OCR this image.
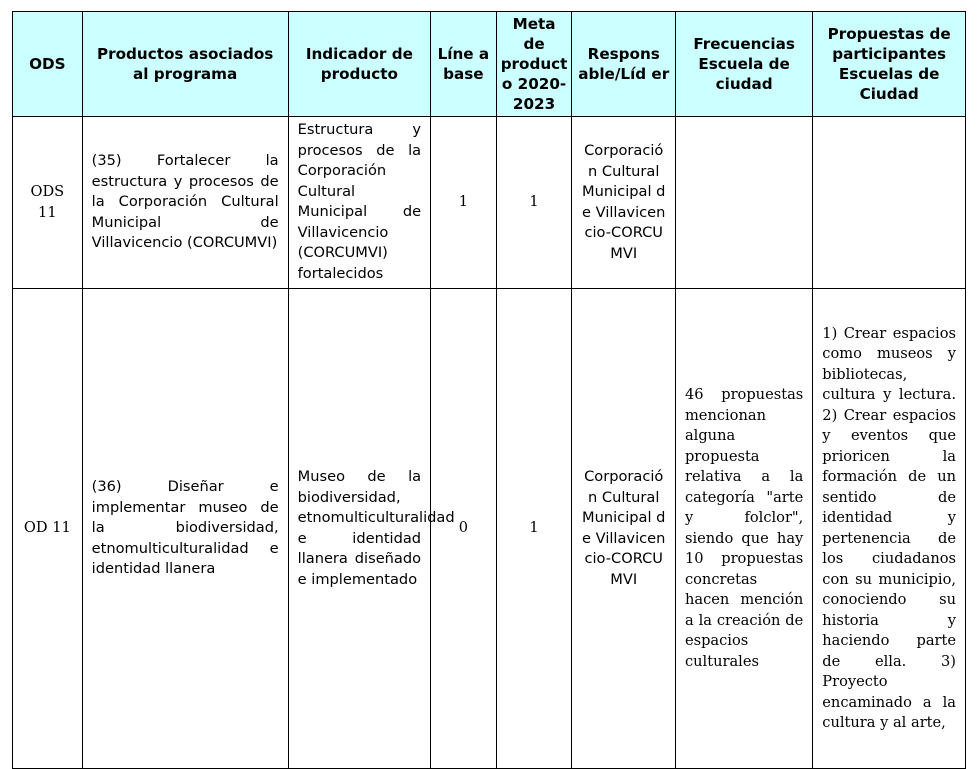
ODS	Productos asociados al programa	Indicador de producto	Líne a base	Meta de product o 2020-2023	Respons able/Líd er	Frecuencias Escuela de ciudad	Propuestas de participantes Escuelas de Ciudad
ODS 11	(35) Fortalecer la estructura y procesos de la Corporación Cultural Municipal de Villavicencio (CORCUMVI)	Estructura y procesos de la Corporación Cultural Municipal de Villavicencio (CORCUMVI) fortalecidos	1	1	Corporación Cultural Municipal de Villavicencio-CORCUMVI		
OD 11	(36) Diseñar e implementar museo de la biodiversidad, etnomulticulturalidad e identidad llanera	Museo de la biodiversidad, etnomulticulturalidad e identidad llanera diseñado e implementado	0	1	Corporación Cultural Municipal de Villavicencio-CORCUMVI	46 propuestas mencionan alguna propuesta relativa a la categoría "arte y folclor", siendo que hay 10 propuestas concretas hacen mención a la creación de espacios culturales	1) Crear espacios como museos y bibliotecas, cultura y lectura. 2) Crear espacios y eventos que prioricen la formación de un sentido de identidad y pertenencia de los ciudadanos con su municipio, conociendo su historia y haciendo parte de ella. 3) Proyecto encaminado a la cultura y al arte,
